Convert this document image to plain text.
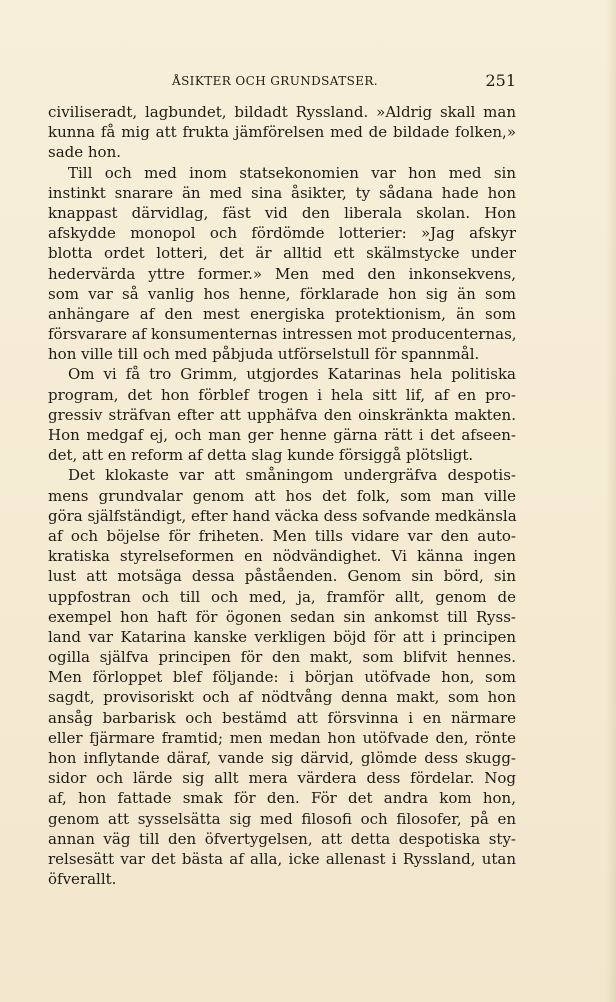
ÅSIKTER OCH GRUNDSATSER.	251
civiliseradt, lagbundet, bildadt Ryssland. »Aldrig skall man
kunna få mig att frukta jämförelsen med de bildade folken,»
sade hon.
Till och med inom statsekonomien var hon med sin
instinkt snarare än med sina åsikter, ty sådana hade hon
knappast därvidlag, fäst vid den liberala skolan. Hon
afskydde monopol och fördömde lotterier: »Jag afskyr
blotta ordet lotteri, det är alltid ett skälmstycke under
hedervärda yttre former.» Men med den inkonsekvens,
som var så vanlig hos henne, förklarade hon sig än som
anhängare af den mest energiska protektionism, än som
försvarare af konsumenternas intressen mot producenternas,
hon ville till och med påbjuda utförselstull för spannmål.
Om vi få tro Grimm, utgjordes Katarinas hela politiska
program, det hon förblef trogen i hela sitt lif, af en pro-
gressiv sträfvan efter att upphäfva den oinskränkta makten.
Hon medgaf ej, och man ger henne gärna rätt i det afseen-
det, att en reform af detta slag kunde försiggå plötsligt.
Det klokaste var att småningom undergräfva despotis-
mens grundvalar genom att hos det folk, som man ville
göra själfständigt, efter hand väcka dess sofvande medkänsla
af och böjelse för friheten. Men tills vidare var den auto-
kratiska styrelseformen en nödvändighet. Vi känna ingen
lust att motsäga dessa påståenden. Genom sin börd, sin
uppfostran och till och med, ja, framför allt, genom de
exempel hon haft för ögonen sedan sin ankomst till Ryss-
land var Katarina kanske verkligen böjd för att i principen
ogilla själfva principen för den makt, som blifvit hennes.
Men förloppet blef följande: i början utöfvade hon, som
sagdt, provisoriskt och af nödtvång denna makt, som hon
ansåg barbarisk och bestämd att försvinna i en närmare
eller fjärmare framtid; men medan hon utöfvade den, rönte
hon inflytande däraf, vande sig därvid, glömde dess skugg-
sidor och lärde sig allt mera värdera dess fördelar. Nog
af, hon fattade smak för den. För det andra kom hon,
genom att sysselsätta sig med filosofi och filosofer, på en
annan väg till den öfvertygelsen, att detta despotiska sty-
relsesätt var det bästa af alla, icke allenast i Ryssland, utan
öfverallt.
